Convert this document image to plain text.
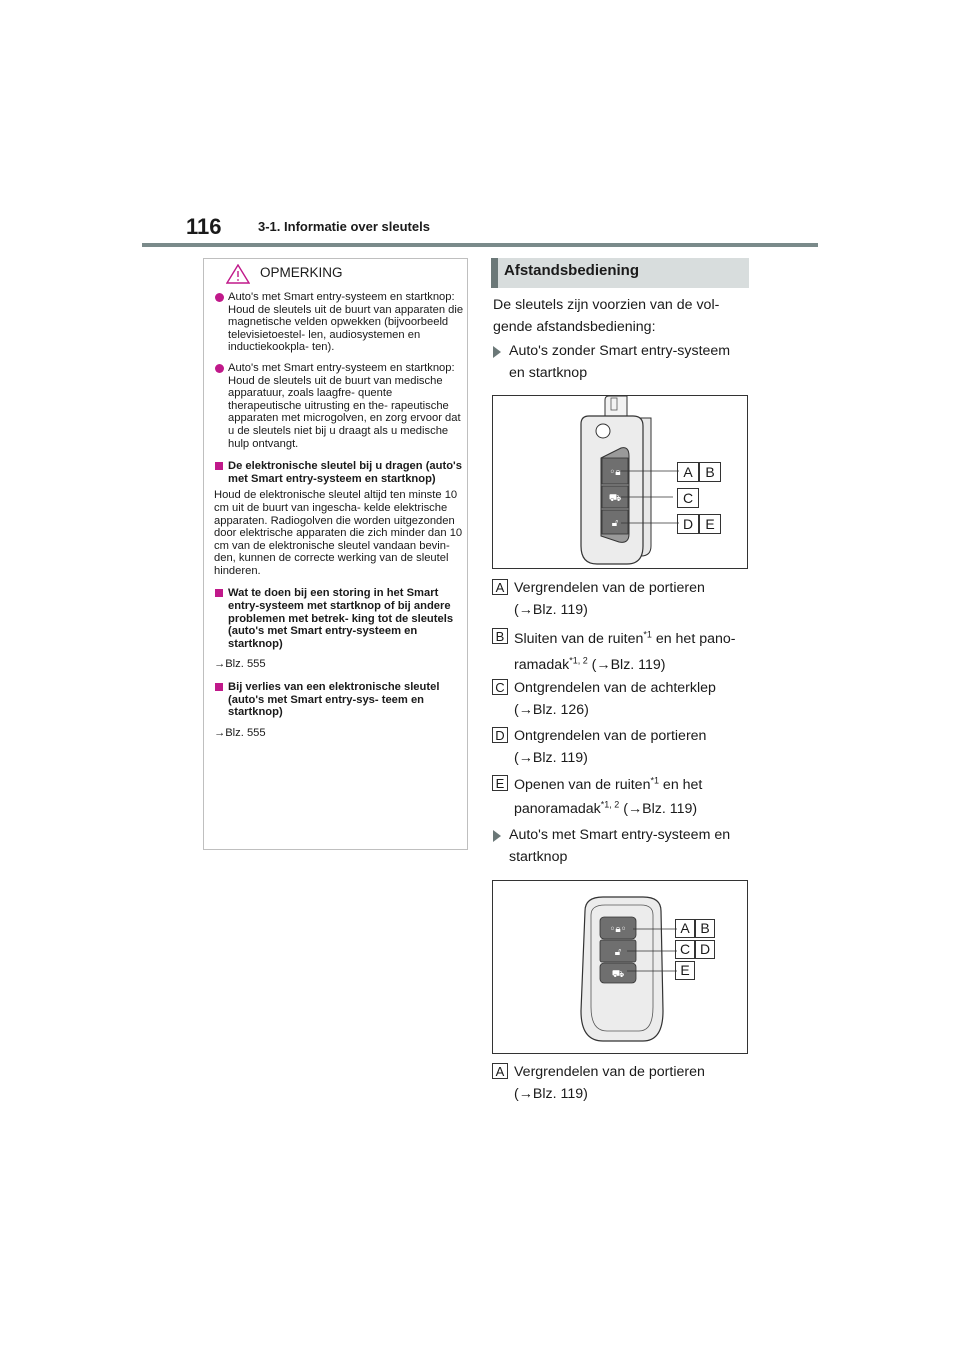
116	3-1. Informatie over sleutels
OPMERKING
Auto's met Smart entry-systeem en startknop: Houd de sleutels uit de buurt van apparaten die magnetische velden opwekken (bijvoorbeeld televisietoestel- len, audiosystemen en inductiekookpla- ten).
Auto's met Smart entry-systeem en startknop: Houd de sleutels uit de buurt van medische apparatuur, zoals laagfre- quente therapeutische uitrusting en the- rapeutische apparaten met microgolven, en zorg ervoor dat u de sleutels niet bij u draagt als u medische hulp ontvangt.
De elektronische sleutel bij u dragen (auto's met Smart entry-systeem en startknop)
Houd de elektronische sleutel altijd ten minste 10 cm uit de buurt van ingescha- kelde elektrische apparaten. Radiogolven die worden uitgezonden door elektrische apparaten die zich minder dan 10 cm van de elektronische sleutel vandaan bevin- den, kunnen de correcte werking van de sleutel hinderen.
Wat te doen bij een storing in het Smart entry-systeem met startknop of bij andere problemen met betrek- king tot de sleutels (auto's met Smart entry-systeem en startknop)
→Blz. 555
Bij verlies van een elektronische sleutel (auto's met Smart entry-sys- teem en startknop)
→Blz. 555
Afstandsbediening
De sleutels zijn voorzien van de vol- gende afstandsbediening:
Auto's zonder Smart entry-systeem en startknop
◦🔒︎
⛟
🔓︎
A B
C
D E
A Vergrendelen van de portieren
(→Blz. 119)
B Sluiten van de ruiten$^{*1}$ en het pano-
ramadak$^{*1, 2}$ (→Blz. 119)
C Ontgrendelen van de achterklep
(→Blz. 126)
D Ontgrendelen van de portieren
(→Blz. 119)
E Openen van de ruiten$^{*1}$ en het
panoramadak$^{*1, 2}$ (→Blz. 119)
Auto's met Smart entry-systeem en startknop
◦🔒︎◦
🔓︎
⛟
A B
C D
E
A Vergrendelen van de portieren
(→Blz. 119)
